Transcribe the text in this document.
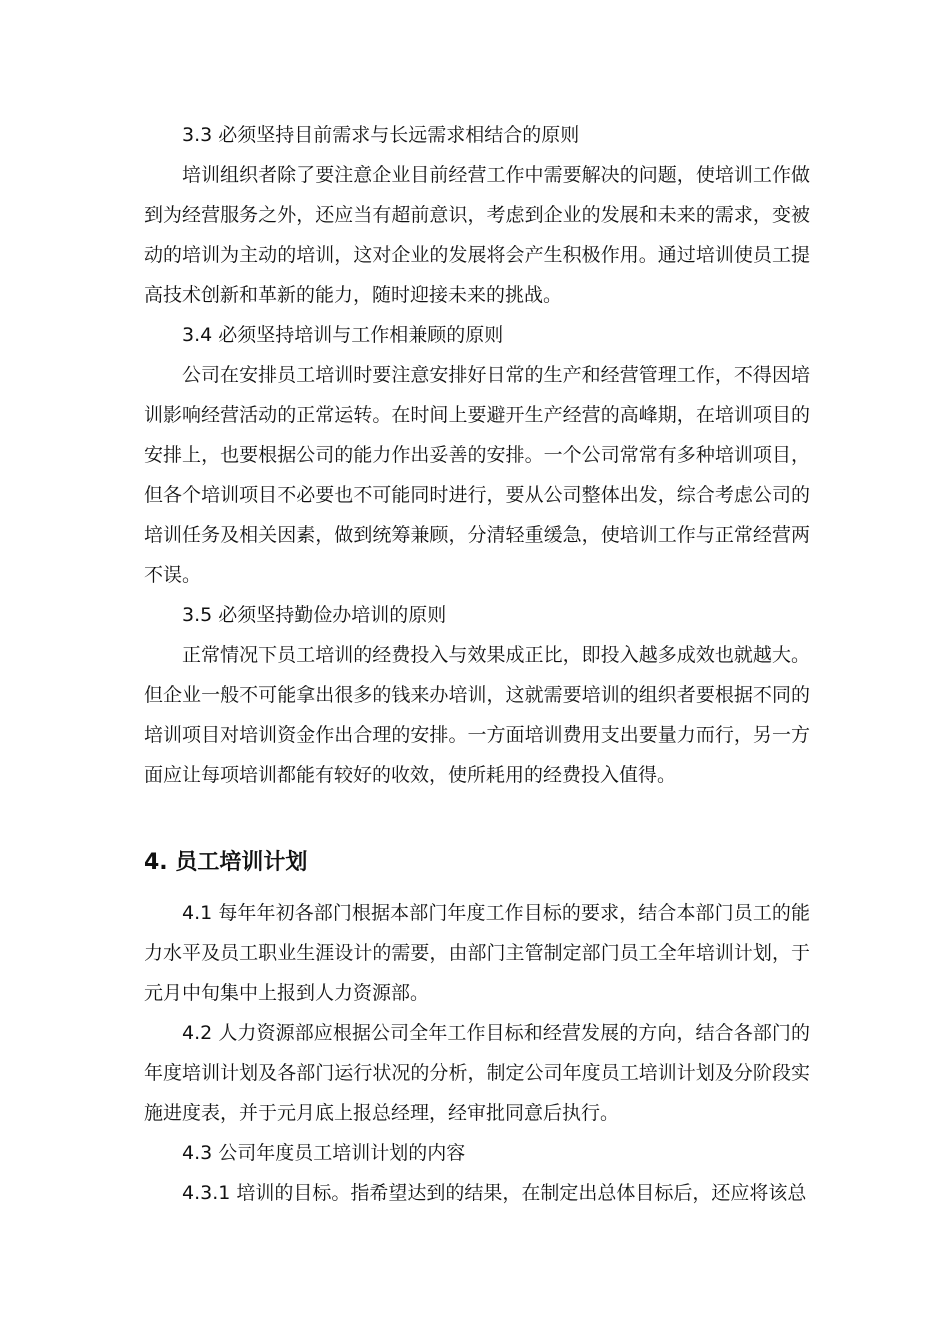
3.3 必须坚持目前需求与长远需求相结合的原则

培训组织者除了要注意企业目前经营工作中需要解决的问题，使培训工作做到为经营服务之外，还应当有超前意识，考虑到企业的发展和未来的需求，变被动的培训为主动的培训，这对企业的发展将会产生积极作用。通过培训使员工提高技术创新和革新的能力，随时迎接未来的挑战。

3.4 必须坚持培训与工作相兼顾的原则

公司在安排员工培训时要注意安排好日常的生产和经营管理工作，不得因培训影响经营活动的正常运转。在时间上要避开生产经营的高峰期，在培训项目的安排上，也要根据公司的能力作出妥善的安排。一个公司常常有多种培训项目，但各个培训项目不必要也不可能同时进行，要从公司整体出发，综合考虑公司的培训任务及相关因素，做到统筹兼顾，分清轻重缓急，使培训工作与正常经营两不误。

3.5 必须坚持勤俭办培训的原则

正常情况下员工培训的经费投入与效果成正比，即投入越多成效也就越大。但企业一般不可能拿出很多的钱来办培训，这就需要培训的组织者要根据不同的培训项目对培训资金作出合理的安排。一方面培训费用支出要量力而行，另一方面应让每项培训都能有较好的收效，使所耗用的经费投入值得。

4. 员工培训计划

4.1 每年年初各部门根据本部门年度工作目标的要求，结合本部门员工的能力水平及员工职业生涯设计的需要，由部门主管制定部门员工全年培训计划，于元月中旬集中上报到人力资源部。

4.2 人力资源部应根据公司全年工作目标和经营发展的方向，结合各部门的年度培训计划及各部门运行状况的分析，制定公司年度员工培训计划及分阶段实施进度表，并于元月底上报总经理，经审批同意后执行。

4.3 公司年度员工培训计划的内容

4.3.1 培训的目标。指希望达到的结果，在制定出总体目标后，还应将该总
